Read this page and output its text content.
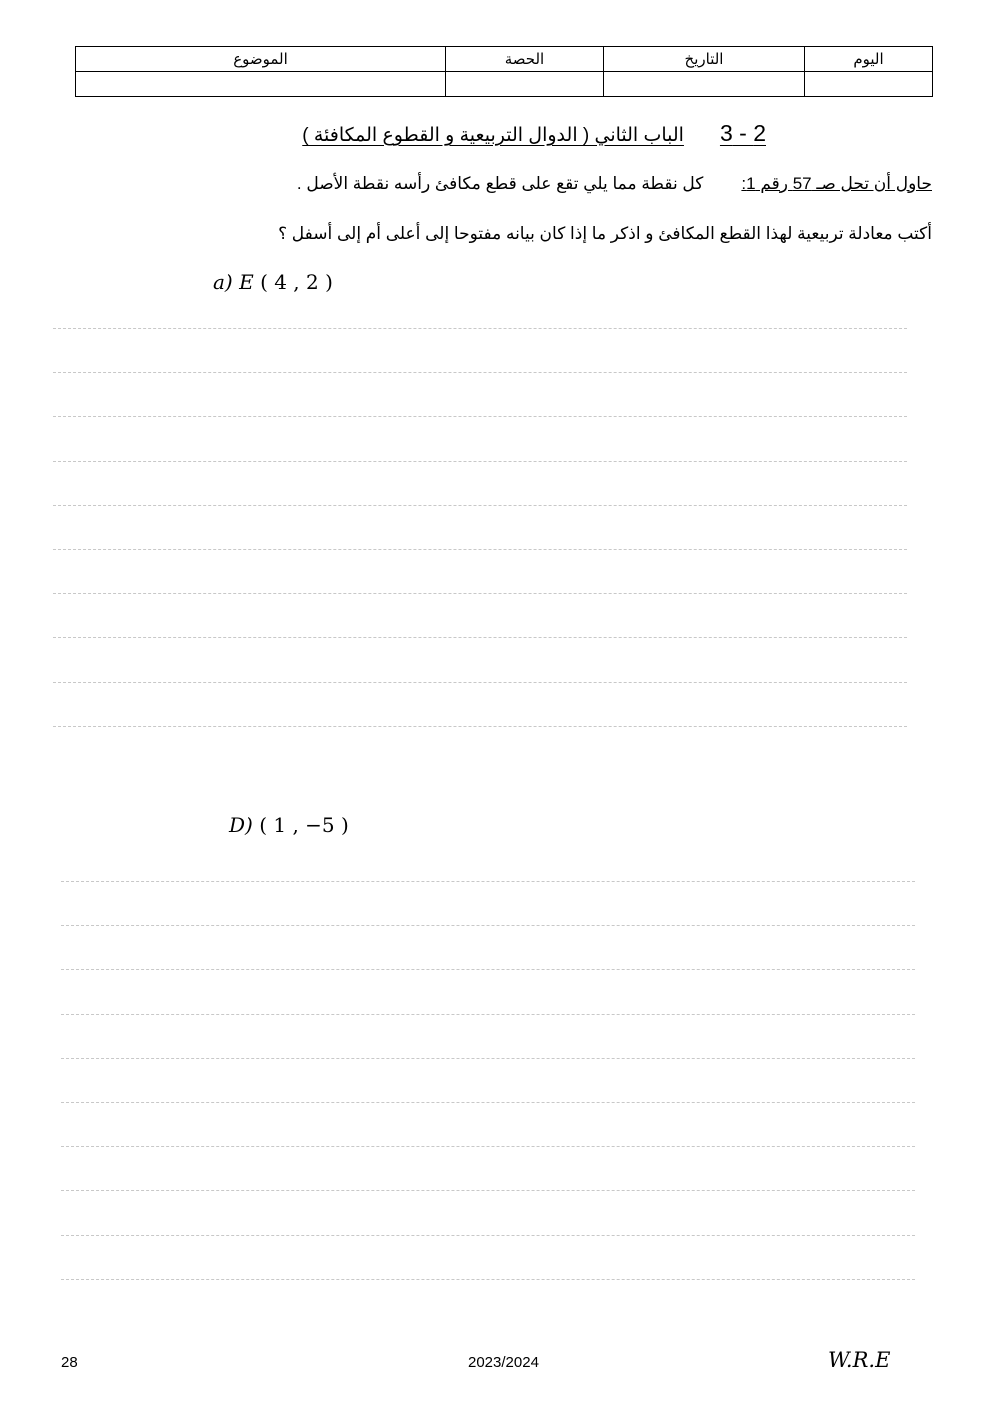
اليوم	التاريخ	الحصة	الموضوع

2 - 3الباب الثاني ( الدوال التربيعية و القطوع المكافئة )
حاول أن تحل صـ 57 رقم 1:كل نقطة مما يلي تقع على قطع مكافئ رأسه نقطة الأصل .
أكتب معادلة تربيعية لهذا القطع المكافئ و اذكر ما إذا كان بيانه مفتوحا إلى أعلى أم إلى أسفل ؟
a) E ( 4 , 2 )
D) ( 1 , −5 )
28	2023/2024	W.R.E
